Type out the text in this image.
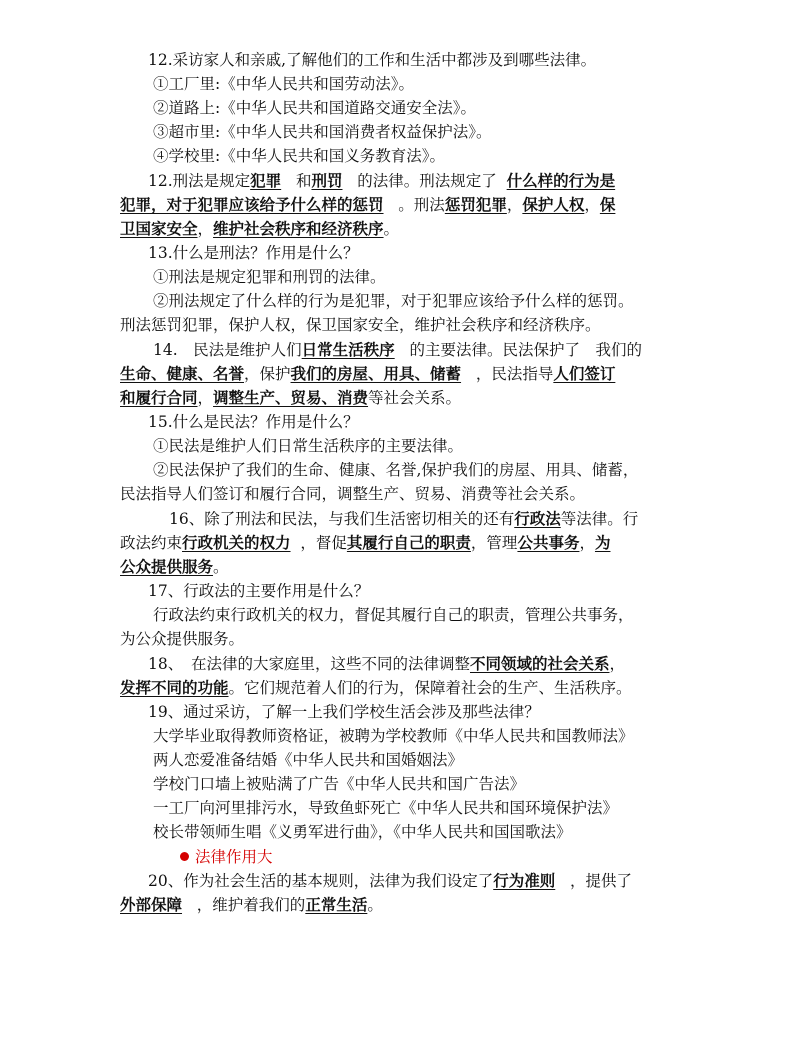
12.采访家人和亲戚,了解他们的工作和生活中都涉及到哪些法律。
①工厂里:《中华人民共和国劳动法》。
②道路上:《中华人民共和国道路交通安全法》。
③超市里:《中华人民共和国消费者权益保护法》。
④学校里:《中华人民共和国义务教育法》。
12.刑法是规定犯罪 和刑罚 的法律。刑法规定了 什么样的行为是
犯罪，对于犯罪应该给予什么样的惩罚 。刑法惩罚犯罪，保护人权，保
卫国家安全，维护社会秩序和经济秩序。
13.什么是刑法？作用是什么？
①刑法是规定犯罪和刑罚的法律。
②刑法规定了什么样的行为是犯罪，对于犯罪应该给予什么样的惩罚。
刑法惩罚犯罪，保护人权，保卫国家安全，维护社会秩序和经济秩序。
14.　民法是维护人们日常生活秩序 的主要法律。民法保护了　我们的
生命、健康、名誉，保护我们的房屋、用具、储蓄 ，民法指导人们签订
和履行合同，调整生产、贸易、消费等社会关系。
15.什么是民法？作用是什么？
①民法是维护人们日常生活秩序的主要法律。
②民法保护了我们的生命、健康、名誉,保护我们的房屋、用具、储蓄，
民法指导人们签订和履行合同，调整生产、贸易、消费等社会关系。
16、除了刑法和民法，与我们生活密切相关的还有行政法等法律。行
政法约束行政机关的权力 ，督促其履行自己的职责，管理公共事务，为
公众提供服务。
17、行政法的主要作用是什么？
行政法约束行政机关的权力，督促其履行自己的职责，管理公共事务，
为公众提供服务。
18、　在法律的大家庭里，这些不同的法律调整不同领域的社会关系，
发挥不同的功能。它们规范着人们的行为，保障着社会的生产、生活秩序。
19、通过采访，了解一上我们学校生活会涉及那些法律？
大学毕业取得教师资格证，被聘为学校教师《中华人民共和国教师法》
两人恋爱准备结婚《中华人民共和国婚姻法》
学校门口墙上被贴满了广告《中华人民共和国广告法》
一工厂向河里排污水，导致鱼虾死亡《中华人民共和国环境保护法》
校长带领师生唱《义勇军进行曲》，《中华人民共和国国歌法》
法律作用大
20、作为社会生活的基本规则，法律为我们设定了行为准则 ，提供了
外部保障 ，维护着我们的正常生活。
